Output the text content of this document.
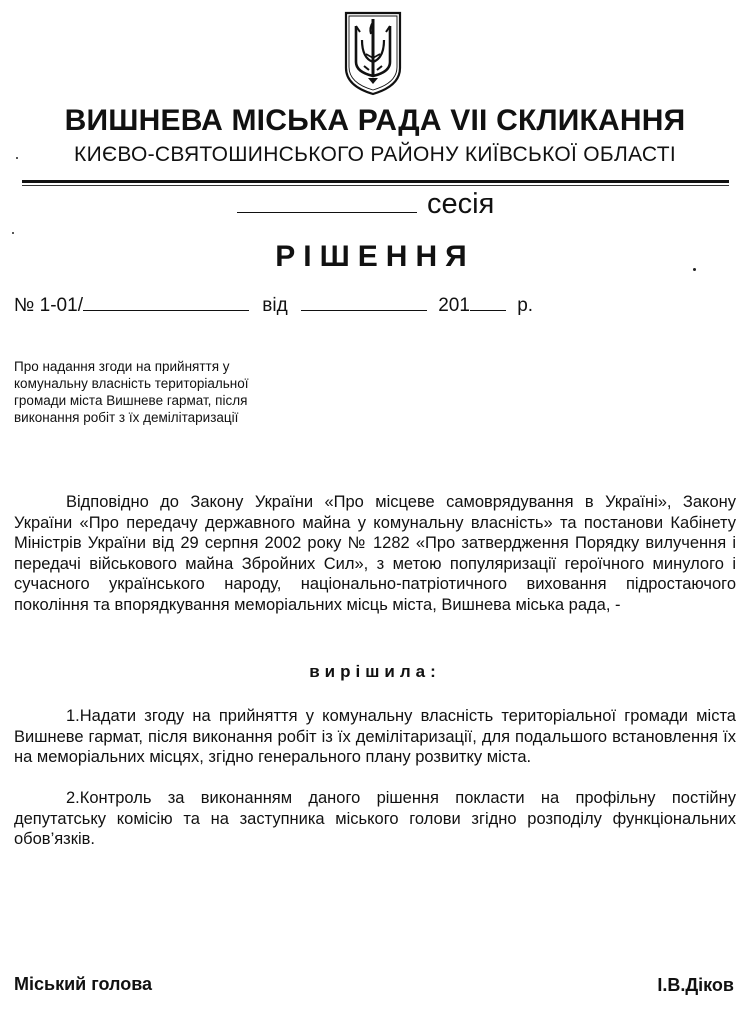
ВИШНЕВА МІСЬКА РАДА VII СКЛИКАННЯ
КИЄВО-СВЯТОШИНСЬКОГО РАЙОНУ КИЇВСЬКОЇ ОБЛАСТІ
сесія
РІШЕННЯ
№ 1-01/	від	201 р.
Про надання згоди на прийняття у комунальну власність територіальної громади міста Вишневе гармат, після виконання робіт з їх демілітаризації
Відповідно до Закону України «Про місцеве самоврядування в Україні», Закону України «Про передачу державного майна у комунальну власність» та постанови Кабінету Міністрів України від 29 серпня 2002 року № 1282 «Про затвердження Порядку вилучення і передачі військового майна Збройних Сил», з метою популяризації героїчного минулого і сучасного українського народу, національно-патріотичного виховання підростаючого покоління та впорядкування меморіальних місць міста, Вишнева міська рада, -
вирішила:
1.Надати згоду на прийняття у комунальну власність територіальної громади міста Вишневе гармат, після виконання робіт із їх демілітаризації, для подальшого встановлення їх на меморіальних місцях, згідно генерального плану розвитку міста.
2.Контроль за виконанням даного рішення покласти на профільну постійну депутатську комісію та на заступника міського голови згідно розподілу функціональних обов’язків.
Міський голова	І.В.Діков
